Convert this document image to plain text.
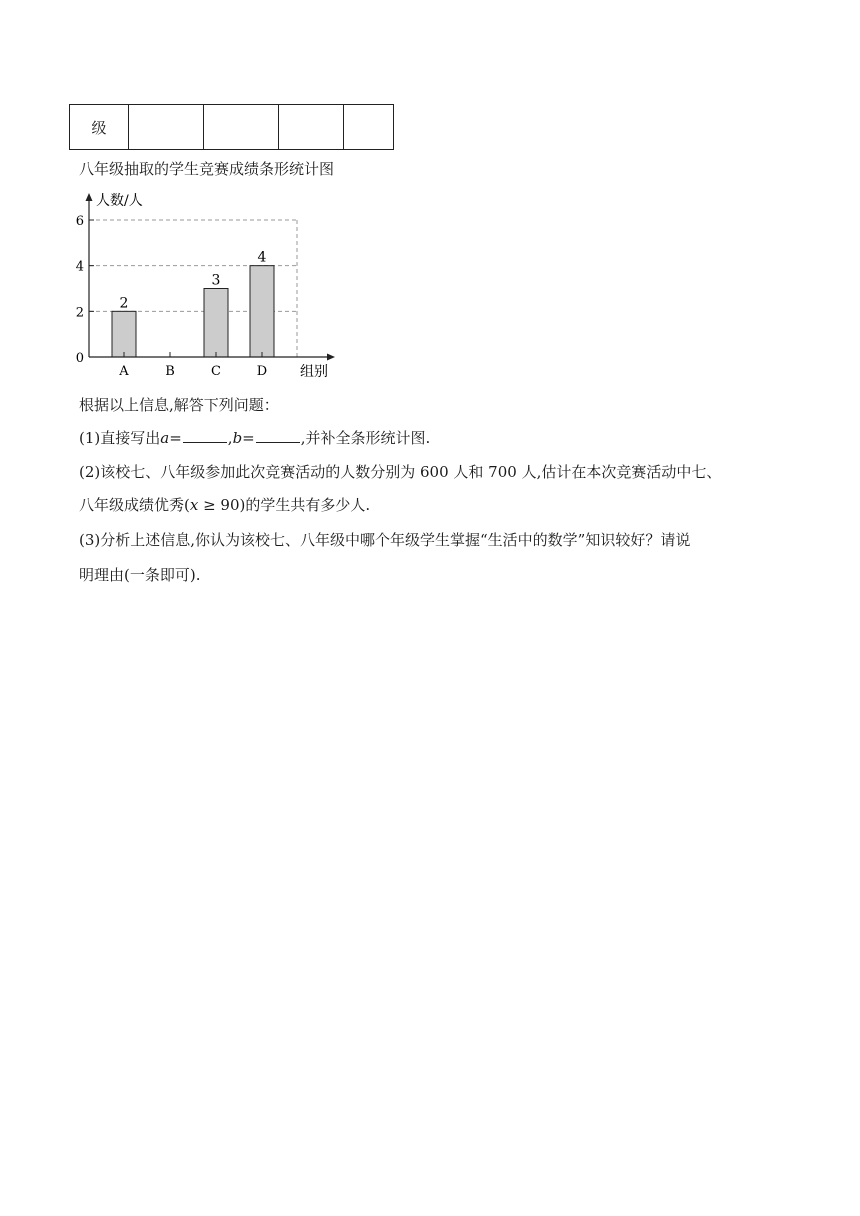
级				
八年级抽取的学生竞赛成绩条形统计图
2
A	B
3
C
4
D
0
2
4
6
人数/人
组别
根据以上信息,解答下列问题：
(1)直接写出a=	,b=	,并补全条形统计图.
(2)该校七、八年级参加此次竞赛活动的人数分别为 600 人和 700 人,估计在本次竞赛活动中七、
八年级成绩优秀(x ≥ 90)的学生共有多少人.
(3)分析上述信息,你认为该校七、八年级中哪个年级学生掌握“生活中的数学”知识较好？请说
明理由(一条即可).
